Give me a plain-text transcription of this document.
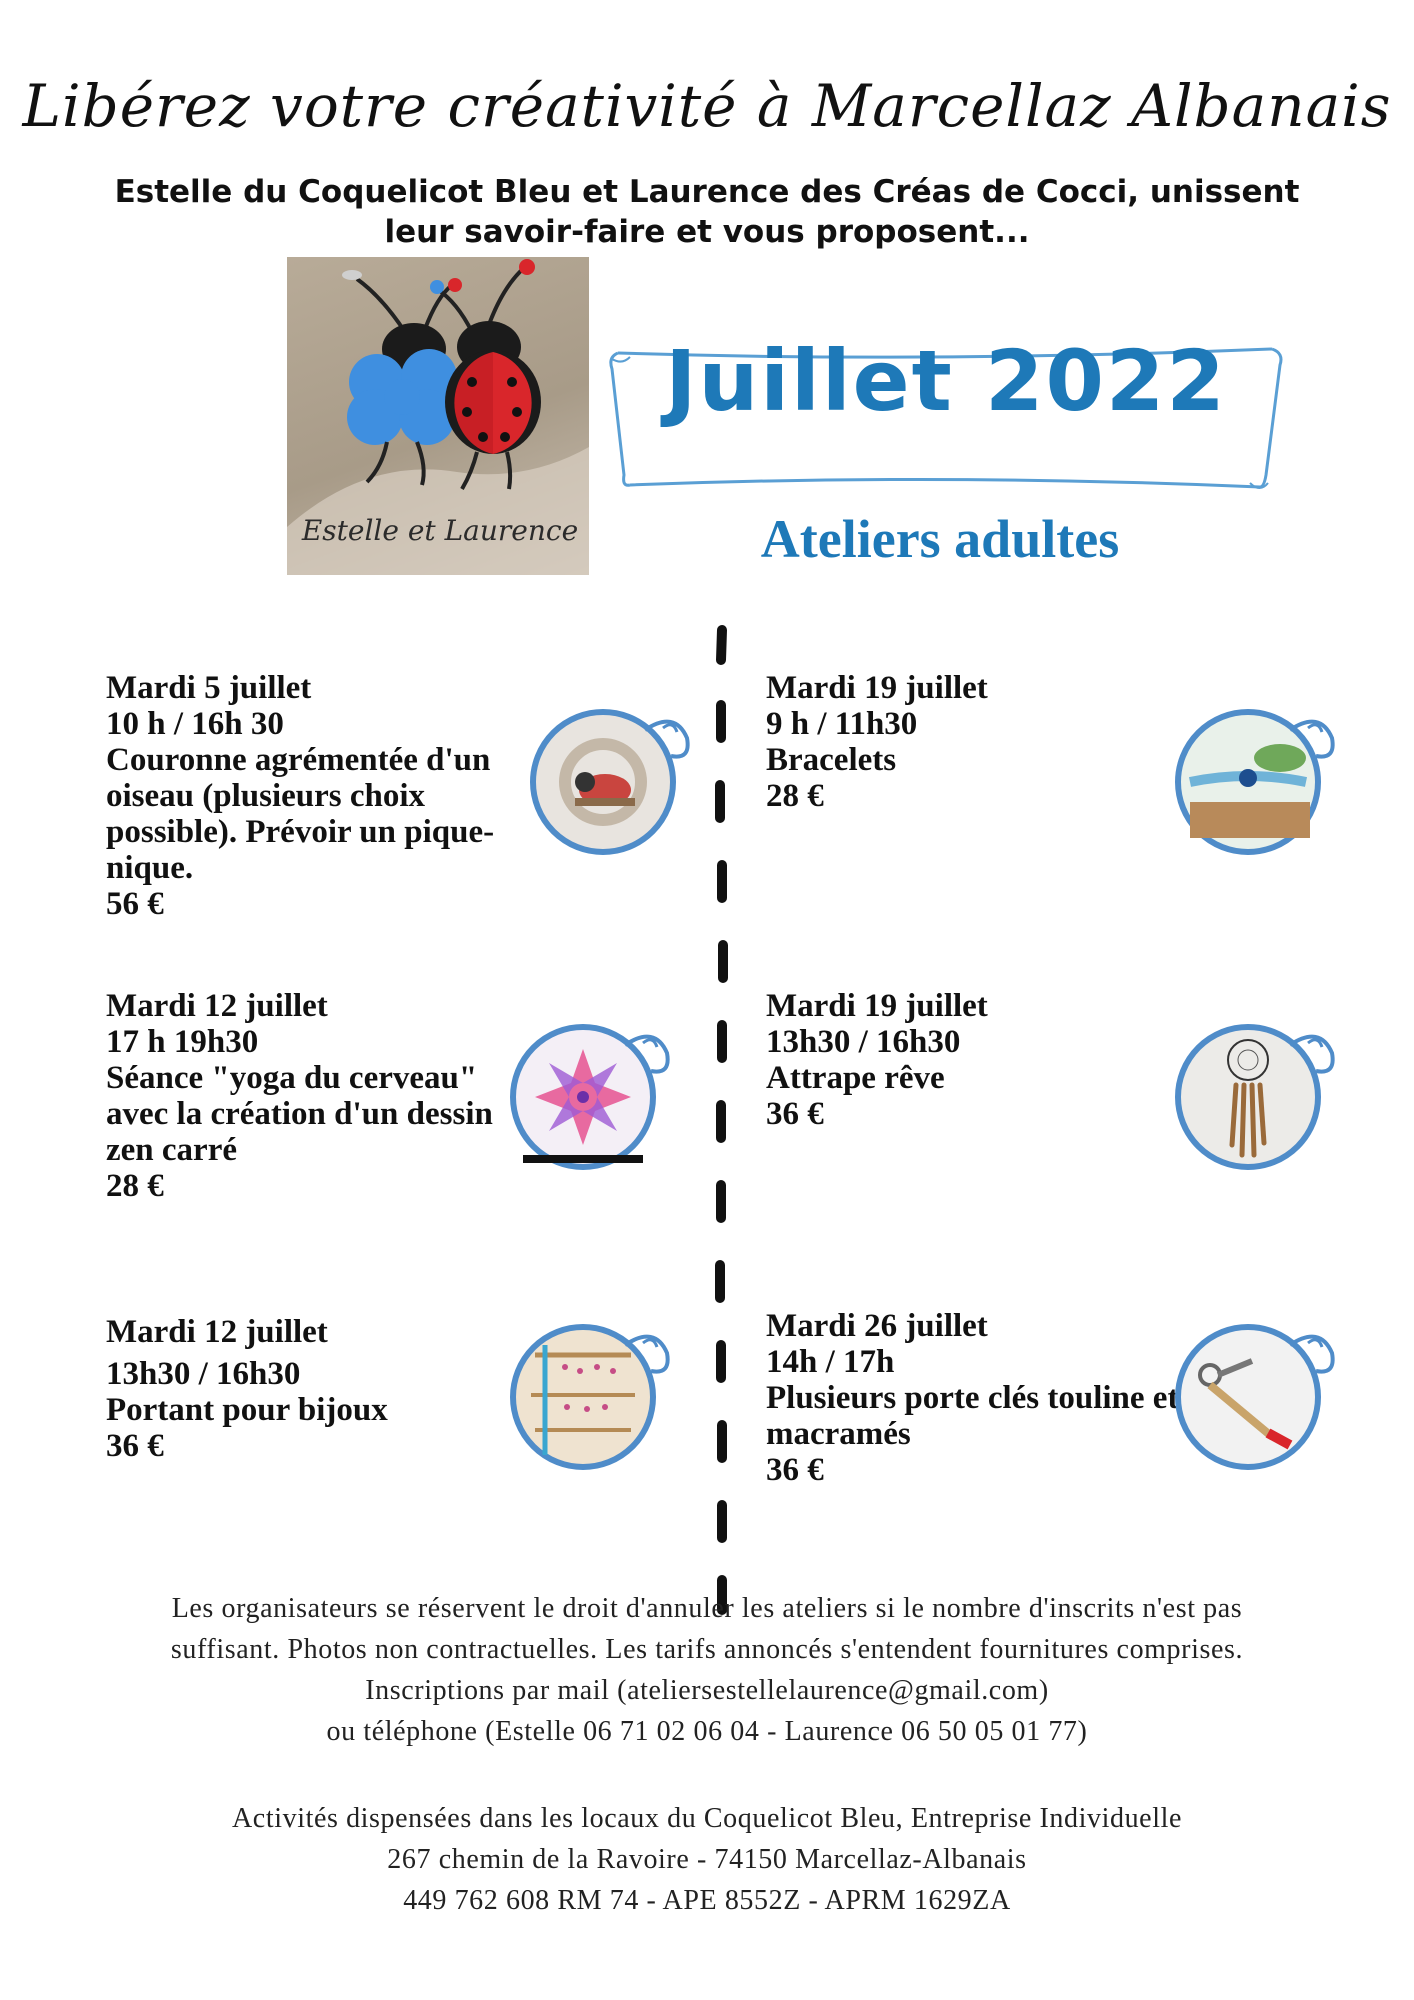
Libérez votre créativité à Marcellaz Albanais
Estelle du Coquelicot Bleu et Laurence des Créas de Cocci, unissent
leur savoir-faire et vous proposent...
Estelle et Laurence
Juillet 2022
Ateliers adultes
Mardi 5 juillet
10 h / 16h 30
Couronne agrémentée d'un oiseau (plusieurs choix possible). Prévoir un pique-nique.
56 €
Mardi 12 juillet
17 h 19h30
Séance "yoga du cerveau" avec la création d'un dessin zen carré
28 €
Mardi 12 juillet
13h30 / 16h30
Portant pour bijoux
36 €
Mardi 19 juillet
9 h / 11h30
Bracelets
28 €
Mardi 19 juillet
13h30 / 16h30
Attrape rêve
36 €
Mardi 26 juillet
14h / 17h
Plusieurs porte clés touline et macramés
36 €
Les organisateurs se réservent le droit d'annuler les ateliers si le nombre d'inscrits n'est pas
suffisant. Photos non contractuelles. Les tarifs annoncés s'entendent fournitures comprises.
Inscriptions par mail (ateliersestellelaurence@gmail.com)
ou téléphone (Estelle 06 71 02 06 04 - Laurence 06 50 05 01 77)
Activités dispensées dans les locaux du Coquelicot Bleu, Entreprise Individuelle
267 chemin de la Ravoire - 74150 Marcellaz-Albanais
449 762 608 RM 74 - APE 8552Z - APRM 1629ZA
